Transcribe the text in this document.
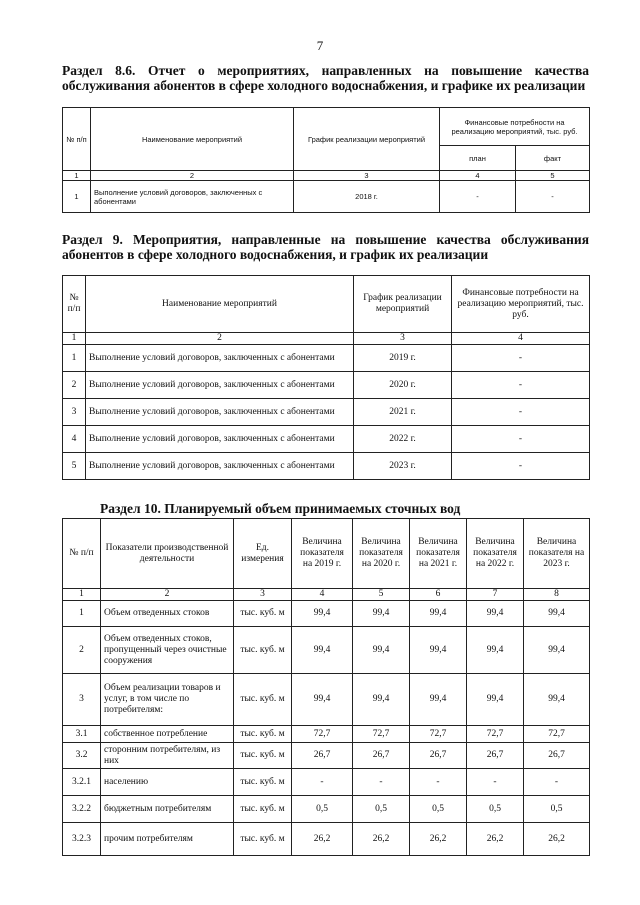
7
Раздел 8.6. Отчет о мероприятиях, направленных на повышение качества обслуживания абонентов в сфере холодного водоснабжения, и графике их реализации
№ п/п	Наименование мероприятий	График реализации мероприятий	Финансовые потребности на реализацию мероприятий, тыс. руб.	
			план	факт
1	2	3	4	5
1	Выполнение условий договоров, заключенных с абонентами	2018 г.	-	-
Раздел 9. Мероприятия, направленные на повышение качества обслуживания абонентов в сфере холодного водоснабжения, и график их реализации
№ п/п	Наименование мероприятий	График реализации мероприятий	Финансовые потребности на реализацию мероприятий, тыс. руб.
1	2	3	4
1	Выполнение условий договоров, заключенных с абонентами	2019 г.	-
2	Выполнение условий договоров, заключенных с абонентами	2020 г.	-
3	Выполнение условий договоров, заключенных с абонентами	2021 г.	-
4	Выполнение условий договоров, заключенных с абонентами	2022 г.	-
5	Выполнение условий договоров, заключенных с абонентами	2023 г.	-
Раздел 10. Планируемый объем принимаемых сточных вод
№ п/п	Показатели производственной деятельности	Ед. измерения	Величина показателя на 2019 г.	Величина показателя на 2020 г.	Величина показателя на 2021 г.	Величина показателя на 2022 г.	Величина показателя на 2023 г.
1	2	3	4	5	6	7	8
1	Объем отведенных стоков	тыс. куб. м	99,4	99,4	99,4	99,4	99,4
2	Объем отведенных стоков, пропущенный через очистные сооружения	тыс. куб. м	99,4	99,4	99,4	99,4	99,4
3	Объем реализации товаров и услуг, в том числе по потребителям:	тыс. куб. м	99,4	99,4	99,4	99,4	99,4
3.1	собственное потребление	тыс. куб. м	72,7	72,7	72,7	72,7	72,7
3.2	сторонним потребителям, из них	тыс. куб. м	26,7	26,7	26,7	26,7	26,7
3.2.1	населению	тыс. куб. м	-	-	-	-	-
3.2.2	бюджетным потребителям	тыс. куб. м	0,5	0,5	0,5	0,5	0,5
3.2.3	прочим потребителям	тыс. куб. м	26,2	26,2	26,2	26,2	26,2
